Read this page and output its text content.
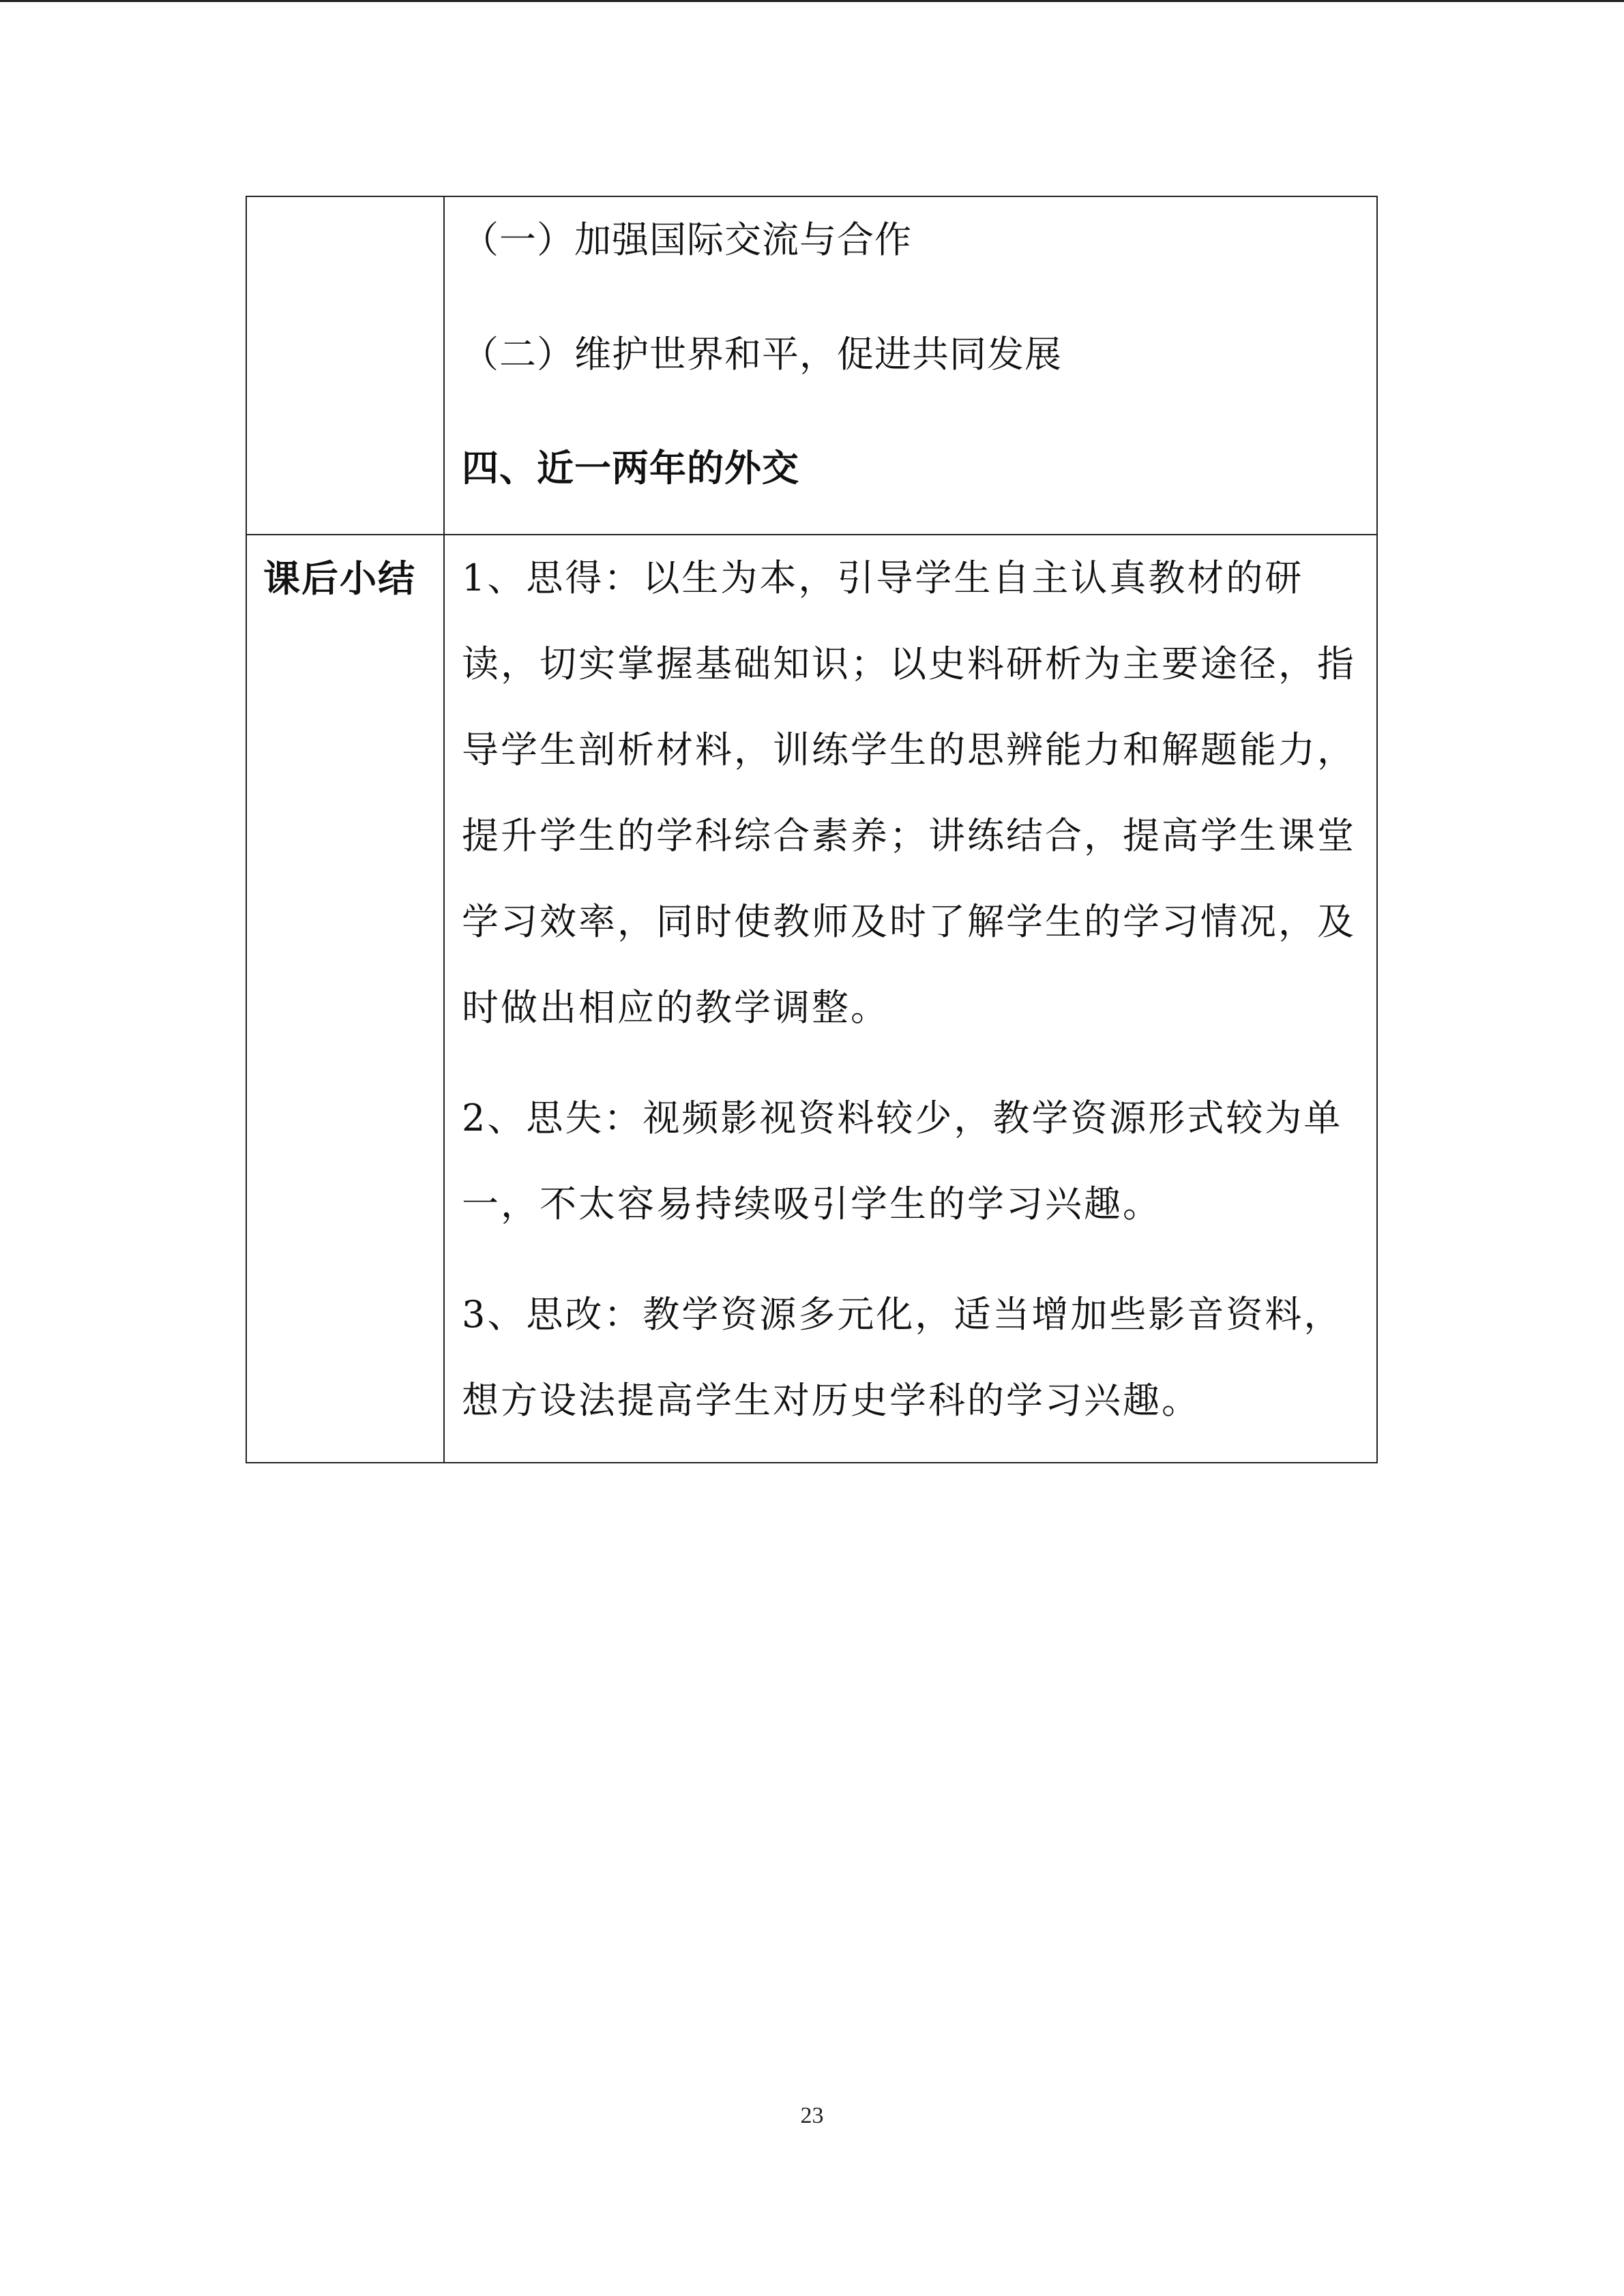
	（一）加强国际交流与合作

（二）维护世界和平，促进共同发展

四、近一两年的外交

课后小结	1、思得：以生为本，引导学生自主认真教材的研读，切实掌握基础知识；以史料研析为主要途径，指导学生剖析材料，训练学生的思辨能力和解题能力，提升学生的学科综合素养；讲练结合，提高学生课堂学习效率，同时使教师及时了解学生的学习情况，及时做出相应的教学调整。

2、思失：视频影视资料较少，教学资源形式较为单一，不太容易持续吸引学生的学习兴趣。

3、思改：教学资源多元化，适当增加些影音资料，想方设法提高学生对历史学科的学习兴趣。

23
